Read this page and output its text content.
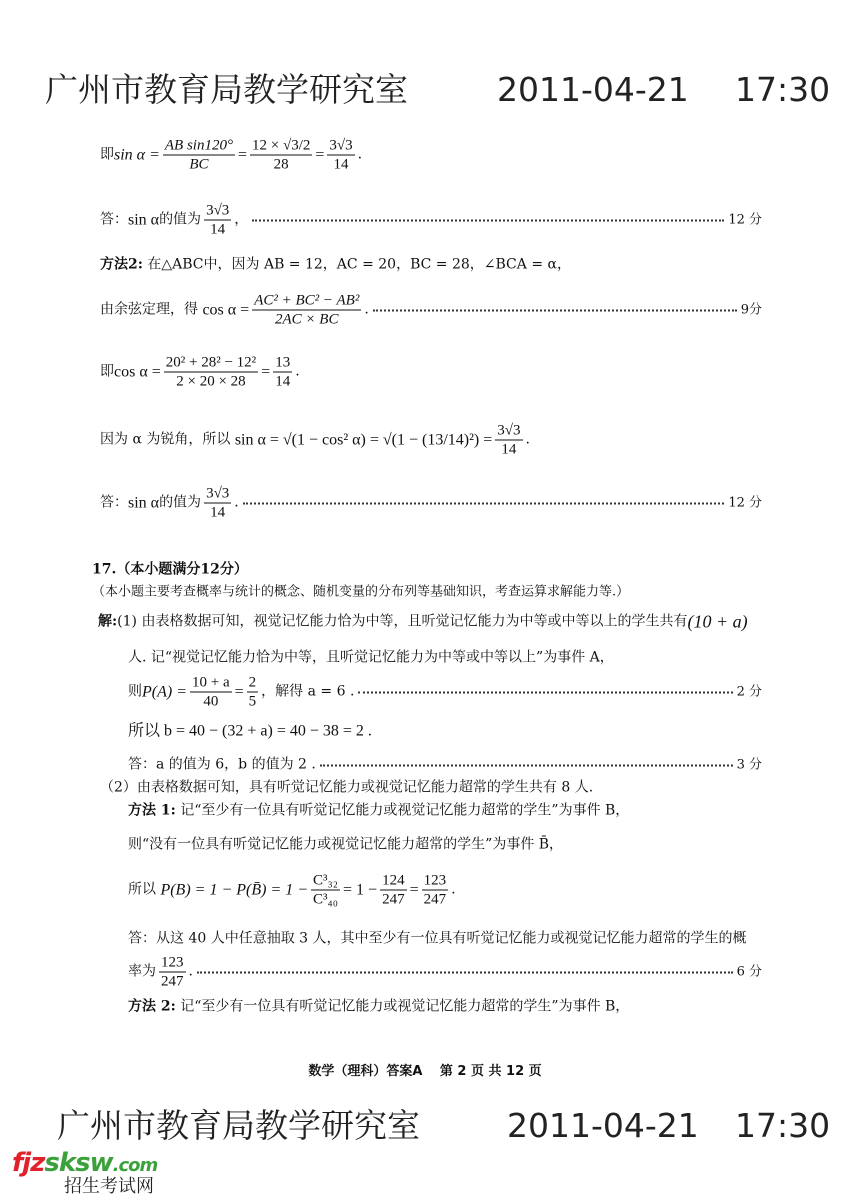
广州市教育局教学研究室	2011-04-21 17:30
即 $\sin \alpha = \frac{\text{AB sin120°}}{BC} = \frac{12 \times √3/2}{28} = \frac{3√3}{14}$ .
答： sin α 的值为 $\frac{3√3}{14}$ ，	12 分
方法2:
在△ABC中，因为 AB = 12，AC = 20，BC = 28，∠BCA = α，
由余弦定理，得
$\cos \alpha = \frac{\text{AC² + BC² − AB²}}{2AC \times BC}$ .	9分
即 $\cos \alpha = \frac{\text{20² + 28² − 12²}}{2 \times 20 \times 28} = \frac{13}{14}$ .
因为 α 为锐角，所以
sin α = √(1 − cos² $\alpha) = √(1 - (13/14)^2) = \frac{3√3}{14}$ .
答： sin α 的值为 $\frac{3√3}{14}$ .	12 分
17.（本小题满分12分）
（本小题主要考查概率与统计的概念、随机变量的分布列等基础知识，考查运算求解能力等.）
解: (1) 由表格数据可知，视觉记忆能力恰为中等，且听觉记忆能力为中等或中等以上的学生共有 (10 + a)
人. 记“视觉记忆能力恰为中等，且听觉记忆能力为中等或中等以上”为事件 A，
则 $P(A) = \frac{10 + a}{40} = \frac{2}{5}$ ，解得 a = 6 .	2 分
所以 b = 40 − (32 + a) = 40 − 38 = 2 .
答：a 的值为 6，b 的值为 2 .	3 分
（2）由表格数据可知，具有听觉记忆能力或视觉记忆能力超常的学生共有 8 人.
方法 1:
记“至少有一位具有听觉记忆能力或视觉记忆能力超常的学生”为事件 B，
则“没有一位具有听觉记忆能力或视觉记忆能力超常的学生”为事件 B̄，
所以
P(B) = 1 − P(B̄) = $1 - \frac{\text{C³₃₂}}{\text{C³₄₀}} = 1 - \frac{124}{247} = \frac{123}{247}$ .
答：从这 40 人中任意抽取 3 人，其中至少有一位具有听觉记忆能力或视觉记忆能力超常的学生的概
率为 $\frac{123}{247}$ .	6 分
方法 2:
记“至少有一位具有听觉记忆能力或视觉记忆能力超常的学生”为事件 B，
数学（理科）答案A　 第 2 页 共 12 页
广州市教育局教学研究室	2011-04-21 17:30
fjzsksw.com
招生考试网
